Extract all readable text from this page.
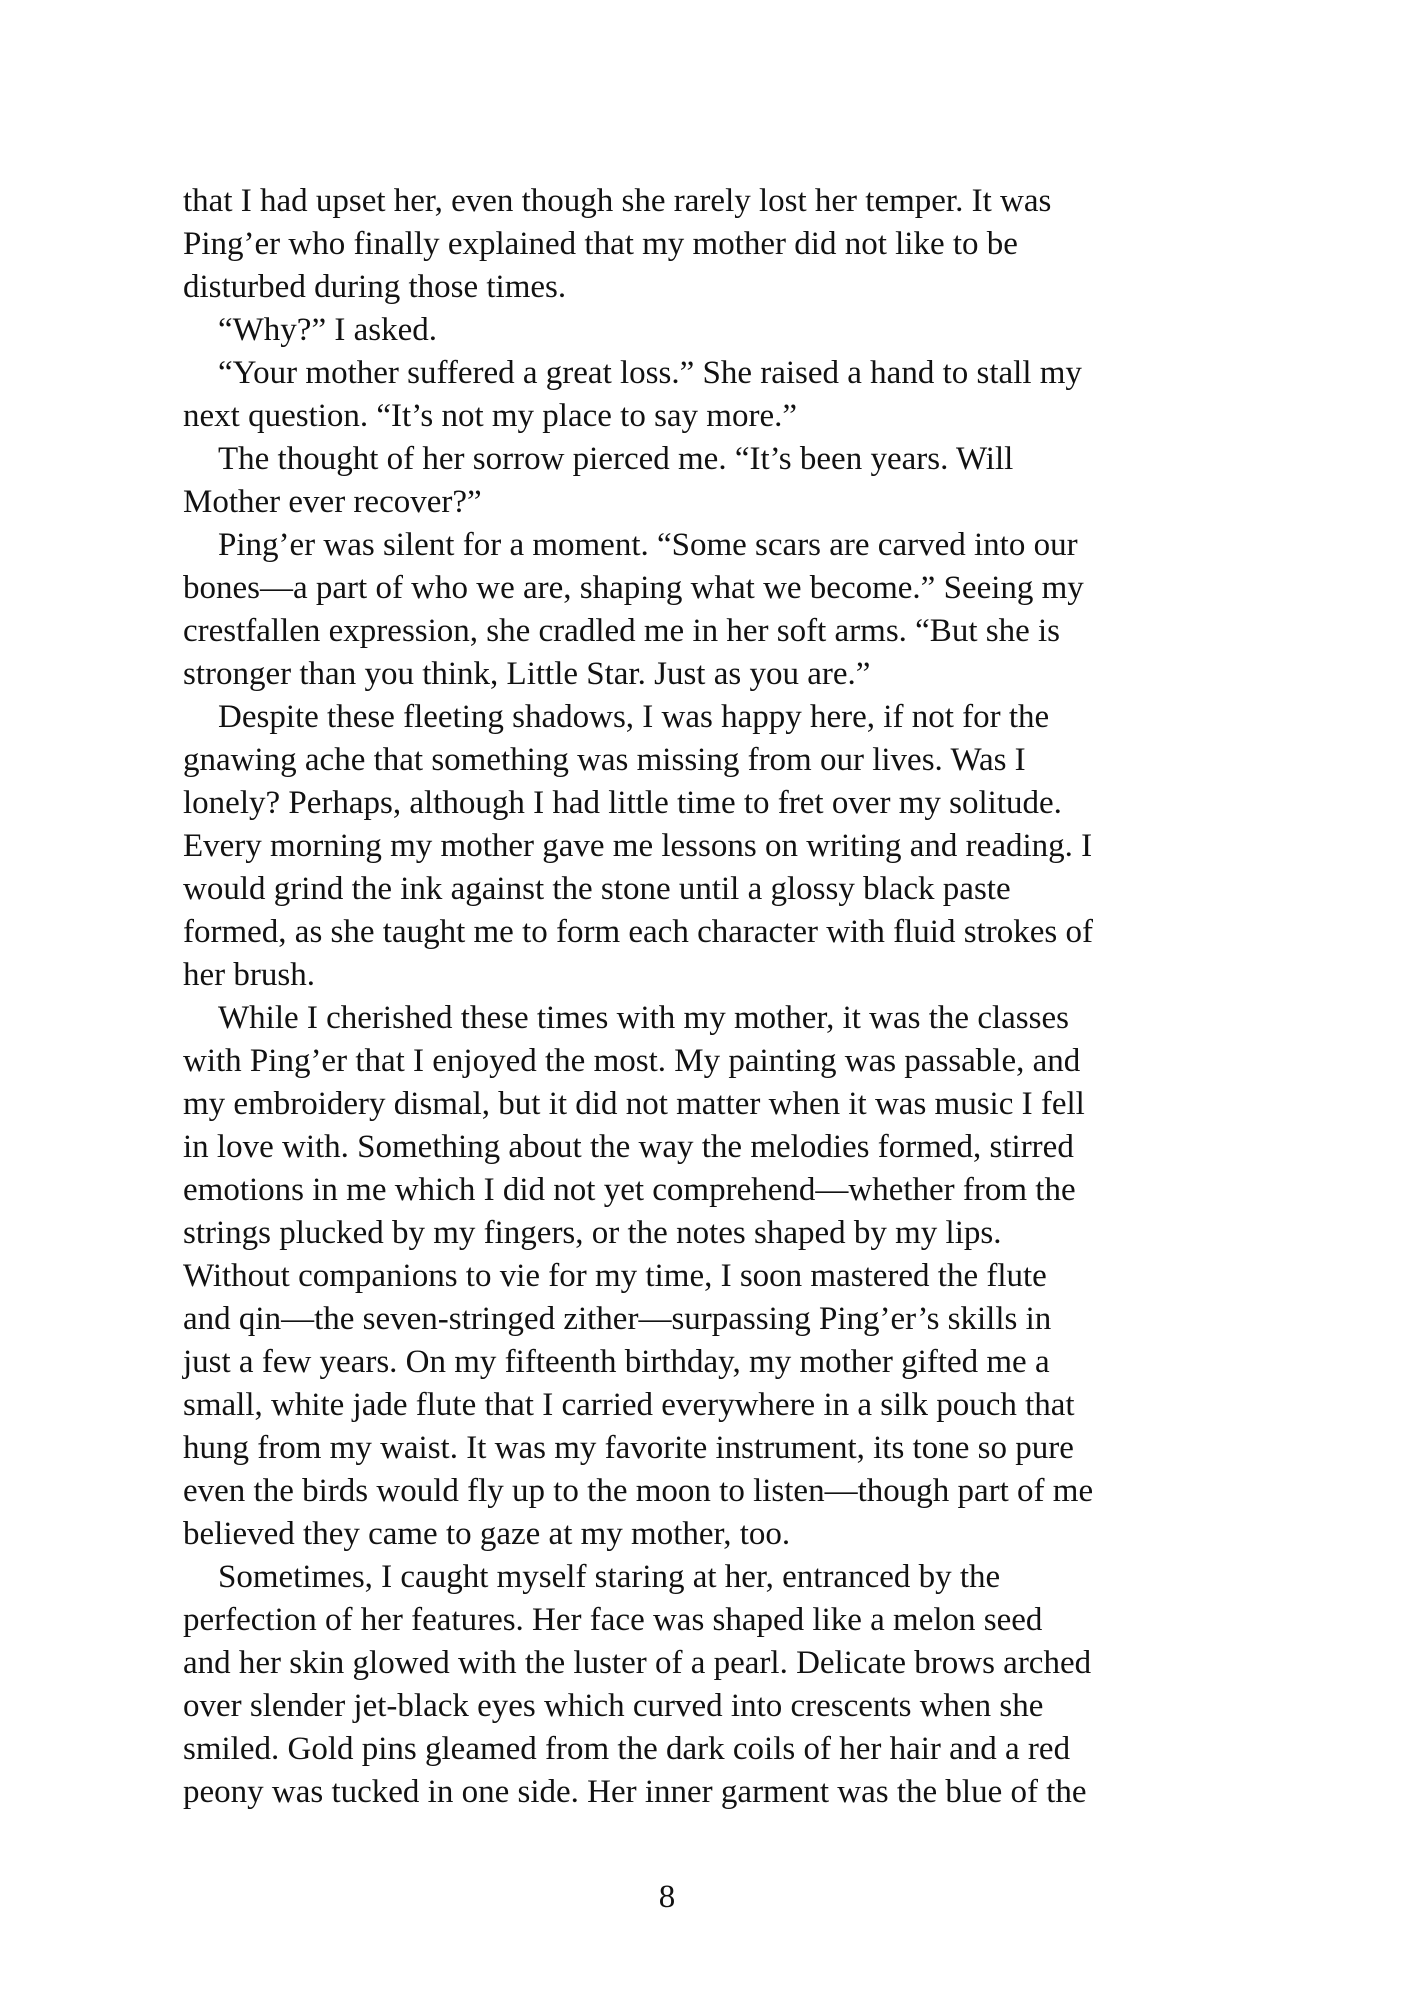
that I had upset her, even though she rarely lost her temper. It was
Ping’er who finally explained that my mother did not like to be
disturbed during those times.
“Why?” I asked.
“Your mother suffered a great loss.” She raised a hand to stall my
next question. “It’s not my place to say more.”
The thought of her sorrow pierced me. “It’s been years. Will
Mother ever recover?”
Ping’er was silent for a moment. “Some scars are carved into our
bones—a part of who we are, shaping what we become.” Seeing my
crestfallen expression, she cradled me in her soft arms. “But she is
stronger than you think, Little Star. Just as you are.”
Despite these fleeting shadows, I was happy here, if not for the
gnawing ache that something was missing from our lives. Was I
lonely? Perhaps, although I had little time to fret over my solitude.
Every morning my mother gave me lessons on writing and reading. I
would grind the ink against the stone until a glossy black paste
formed, as she taught me to form each character with fluid strokes of
her brush.
While I cherished these times with my mother, it was the classes
with Ping’er that I enjoyed the most. My painting was passable, and
my embroidery dismal, but it did not matter when it was music I fell
in love with. Something about the way the melodies formed, stirred
emotions in me which I did not yet comprehend—whether from the
strings plucked by my fingers, or the notes shaped by my lips.
Without companions to vie for my time, I soon mastered the flute
and qin—the seven-stringed zither—surpassing Ping’er’s skills in
just a few years. On my fifteenth birthday, my mother gifted me a
small, white jade flute that I carried everywhere in a silk pouch that
hung from my waist. It was my favorite instrument, its tone so pure
even the birds would fly up to the moon to listen—though part of me
believed they came to gaze at my mother, too.
Sometimes, I caught myself staring at her, entranced by the
perfection of her features. Her face was shaped like a melon seed
and her skin glowed with the luster of a pearl. Delicate brows arched
over slender jet-black eyes which curved into crescents when she
smiled. Gold pins gleamed from the dark coils of her hair and a red
peony was tucked in one side. Her inner garment was the blue of the
8
